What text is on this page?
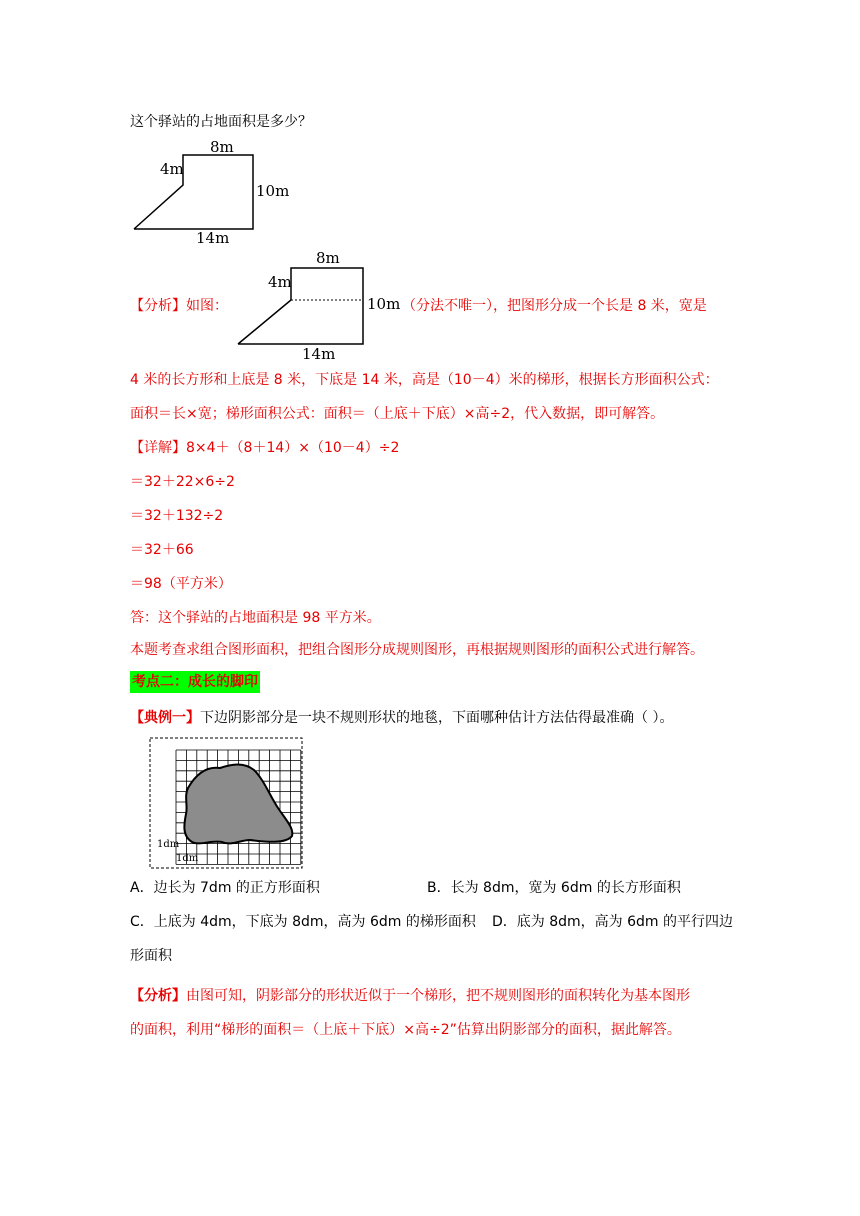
这个驿站的占地面积是多少？
8m
4m
10m
14m
【分析】如图：
8m
4m
10m
14m
（分法不唯一），把图形分成一个长是 8 米，宽是
4 米的长方形和上底是 8 米，下底是 14 米，高是（10－4）米的梯形，根据长方形面积公式：
面积＝长×宽；梯形面积公式：面积＝（上底＋下底）×高÷2，代入数据，即可解答。
【详解】8×4＋（8＋14）×（10－4）÷2
＝32＋22×6÷2
＝32＋132÷2
＝32＋66
＝98（平方米）
答：这个驿站的占地面积是 98 平方米。
本题考查求组合图形面积，把组合图形分成规则图形，再根据规则图形的面积公式进行解答。
考点二：成长的脚印
【典例一】下边阴影部分是一块不规则形状的地毯，下面哪种估计方法估得最准确（ ）。
1dm
1dm
A．边长为 7dm 的正方形面积	B．长为 8dm，宽为 6dm 的长方形面积
C．上底为 4dm，下底为 8dm，高为 6dm 的梯形面积 D．底为 8dm，高为 6dm 的平行四边
形面积
【分析】由图可知，阴影部分的形状近似于一个梯形，把不规则图形的面积转化为基本图形
的面积，利用“梯形的面积＝（上底＋下底）×高÷2”估算出阴影部分的面积，据此解答。
